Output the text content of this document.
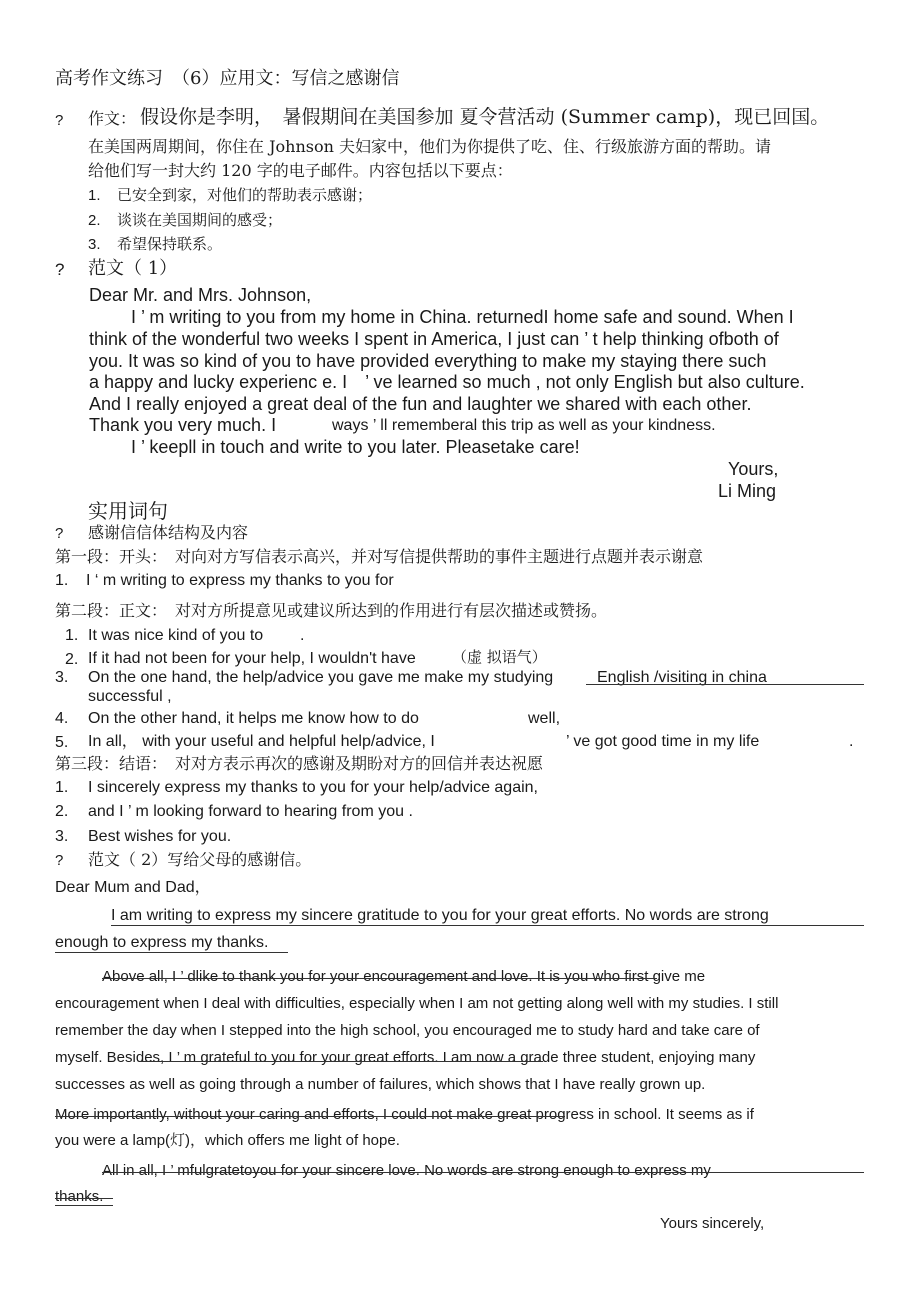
高考作文练习　（6）应用文：写信之感谢信
? 作文： 假设你是李明，　暑假期间在美国参加 夏令营活动 (Summer camp)，现已回国。
在美国两周期间，你住在 Johnson 夫妇家中，他们为你提供了吃、住、行级旅游方面的帮助。请
给他们写一封大约 120 字的电子邮件。内容包括以下要点：
1. 已安全到家，对他们的帮助表示感谢；
2. 谈谈在美国期间的感受；
3. 希望保持联系。
? 范文（ 1）
Dear Mr. and Mrs. Johnson,
I ’ m writing to you from my home in China. returnedI home safe and sound. When I
think of the wonderful two weeks I spent in America, I just can ’ t help thinking ofboth of
you. It was so kind of you to have provided everything to make my staying there such
a happy and lucky experienc e. I　’ ve learned so much , not only English but also culture.
And I really enjoyed a great deal of the fun and laughter we shared with each other.
Thank you very much. I	ways ’ ll rememberal this trip as well as your kindness.
I ’ keepll in touch and write to you later. Pleasetake care!
Yours,
Li Ming
实用词句
? 感谢信信体结构及内容
第一段：开头：　对向对方写信表示高兴，并对写信提供帮助的事件主题进行点题并表示谢意
1. I ‘ m writing to express my thanks to you for
第二段：正文：　对对方所提意见或建议所达到的作用进行有层次描述或赞扬。
1. It was nice kind of you to .
2. If it had not been for your help, I wouldn't have （虚 拟语气）
3. On the one hand, the help/advice you gave me make my studying	English /visiting in china
successful ,
4. On the other hand, it helps me know how to do	well,
5. In all， with your useful and helpful help/advice, I	’ ve got good time in my life	.
第三段：结语：　对对方表示再次的感谢及期盼对方的回信并表达祝愿
1. I sincerely express my thanks to you for your help/advice again,
2. and I ’ m looking forward to hearing from you .
3. Best wishes for you.
? 范文（ 2）写给父母的感谢信。
Dear Mum and Dad，
I am writing to express my sincere gratitude to you for your great efforts. No words are strong
enough to express my thanks.
Above all, I ’ dlike to thank you for your encouragement and love. It is you who first give me
encouragement when I deal with difficulties, especially when I am not getting along well with my studies. I still
remember the day when I stepped into the high school, you encouraged me to study hard and take care of
myself. Besides, I ’ m grateful to you for your great efforts. I am now a grade three student, enjoying many
successes as well as going through a number of failures, which shows that I have really grown up.
More importantly, without your caring and efforts, I could not make great progress in school. It seems as if
you were a lamp(灯)，which offers me light of hope.
All in all, I ’ mfulgratetoyou for your sincere love. No words are strong enough to express my
thanks.
Yours sincerely,
